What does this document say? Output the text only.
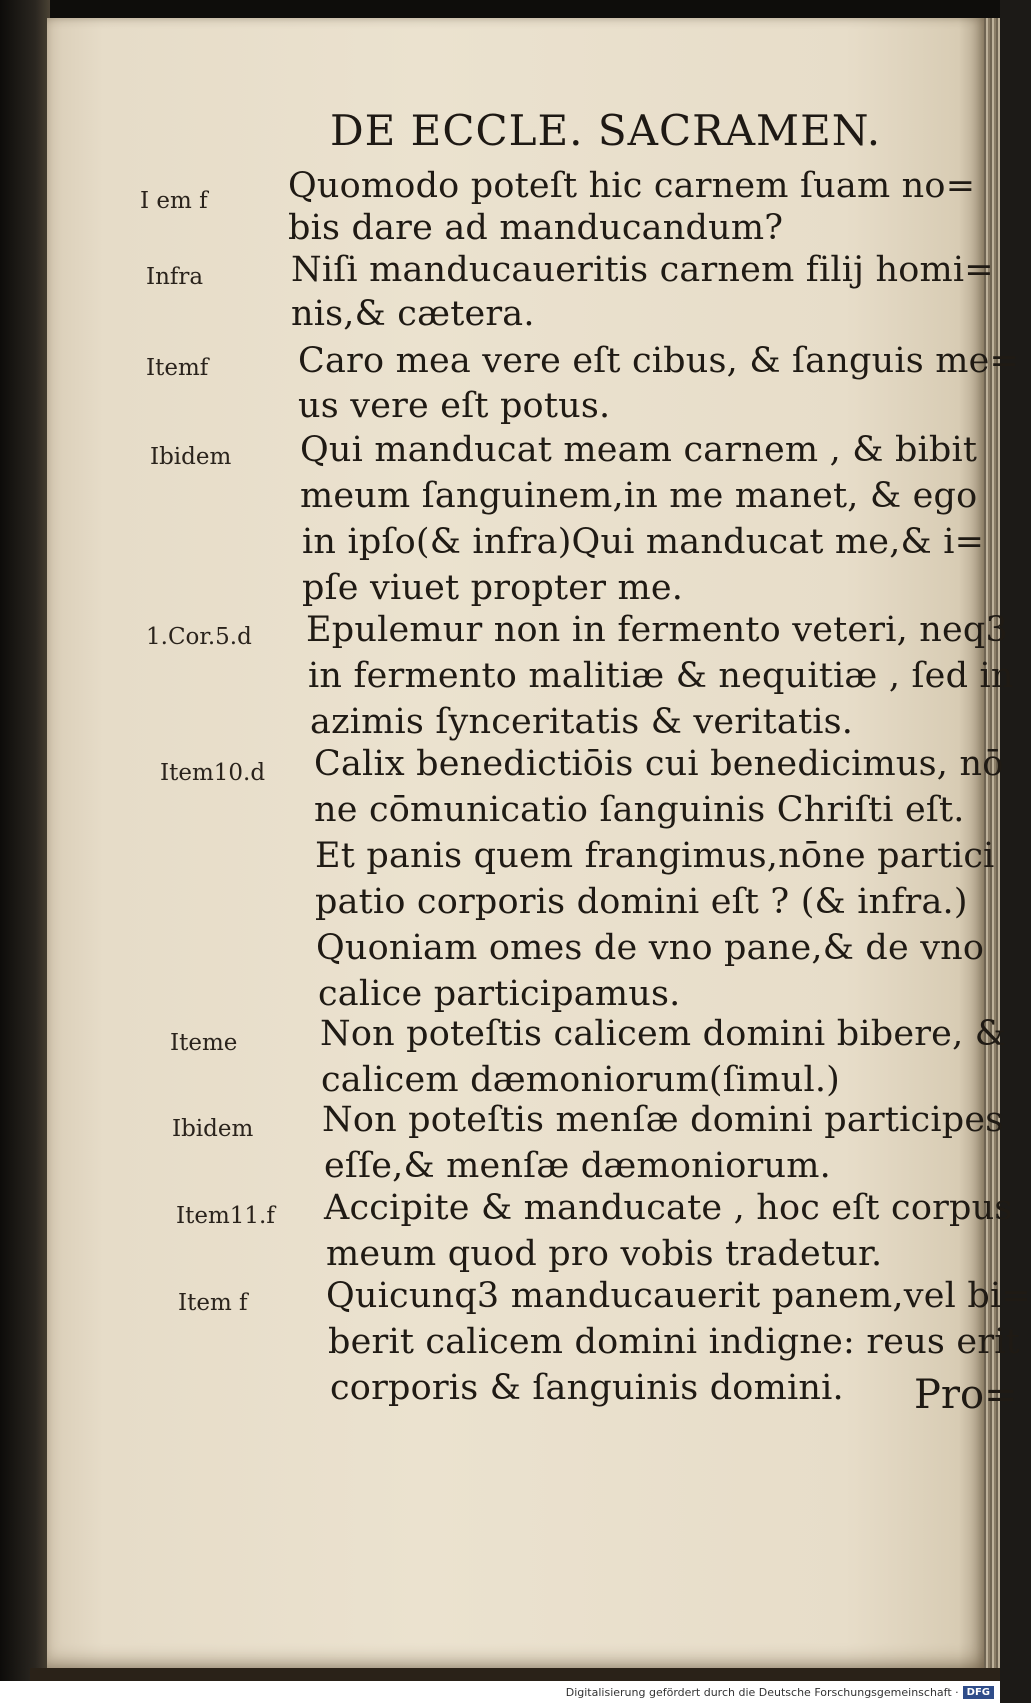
DE ECCLE. SACRAMEN.
I em f Quomodo poteſt hic carnem ſuam no=
bis dare ad manducandum?
Infra	Niſi manducaueritis carnem filij homi=
nis,& cætera.
Itemf	Caro mea vere eſt cibus, & ſanguis me=
us vere eſt potus.
Ibidem Qui manducat meam carnem , & bibit
meum ſanguinem,in me manet, & ego
in ipſo(& infra)Qui manducat me,& i=
pſe viuet propter me.
1.Cor.5.d Epulemur non in fermento veteri, neq3
in fermento malitiæ & nequitiæ , ſed in
azimis ſynceritatis & veritatis.
Item10.d Calix benedictiōis cui benedicimus, nō
ne cōmunicatio ſanguinis Chriſti eſt.
Et panis quem frangimus,nōne partici
patio corporis domini eſt ? (& infra.)
Quoniam omes de vno pane,& de vno
calice participamus.
Iteme Non poteſtis calicem domini bibere, &
calicem dæmoniorum(ſimul.)
Ibidem Non poteſtis menſæ domini participes
eſſe,& menſæ dæmoniorum.
Item11.f Accipite & manducate , hoc eſt corpus
meum quod pro vobis tradetur.
Item f Quicunq3 manducauerit panem,vel bi=
berit calicem domini indigne: reus erit
corporis & ſanguinis domini. Pro=
Digitalisierung gefördert durch die Deutsche Forschungsgemeinschaft · DFG
